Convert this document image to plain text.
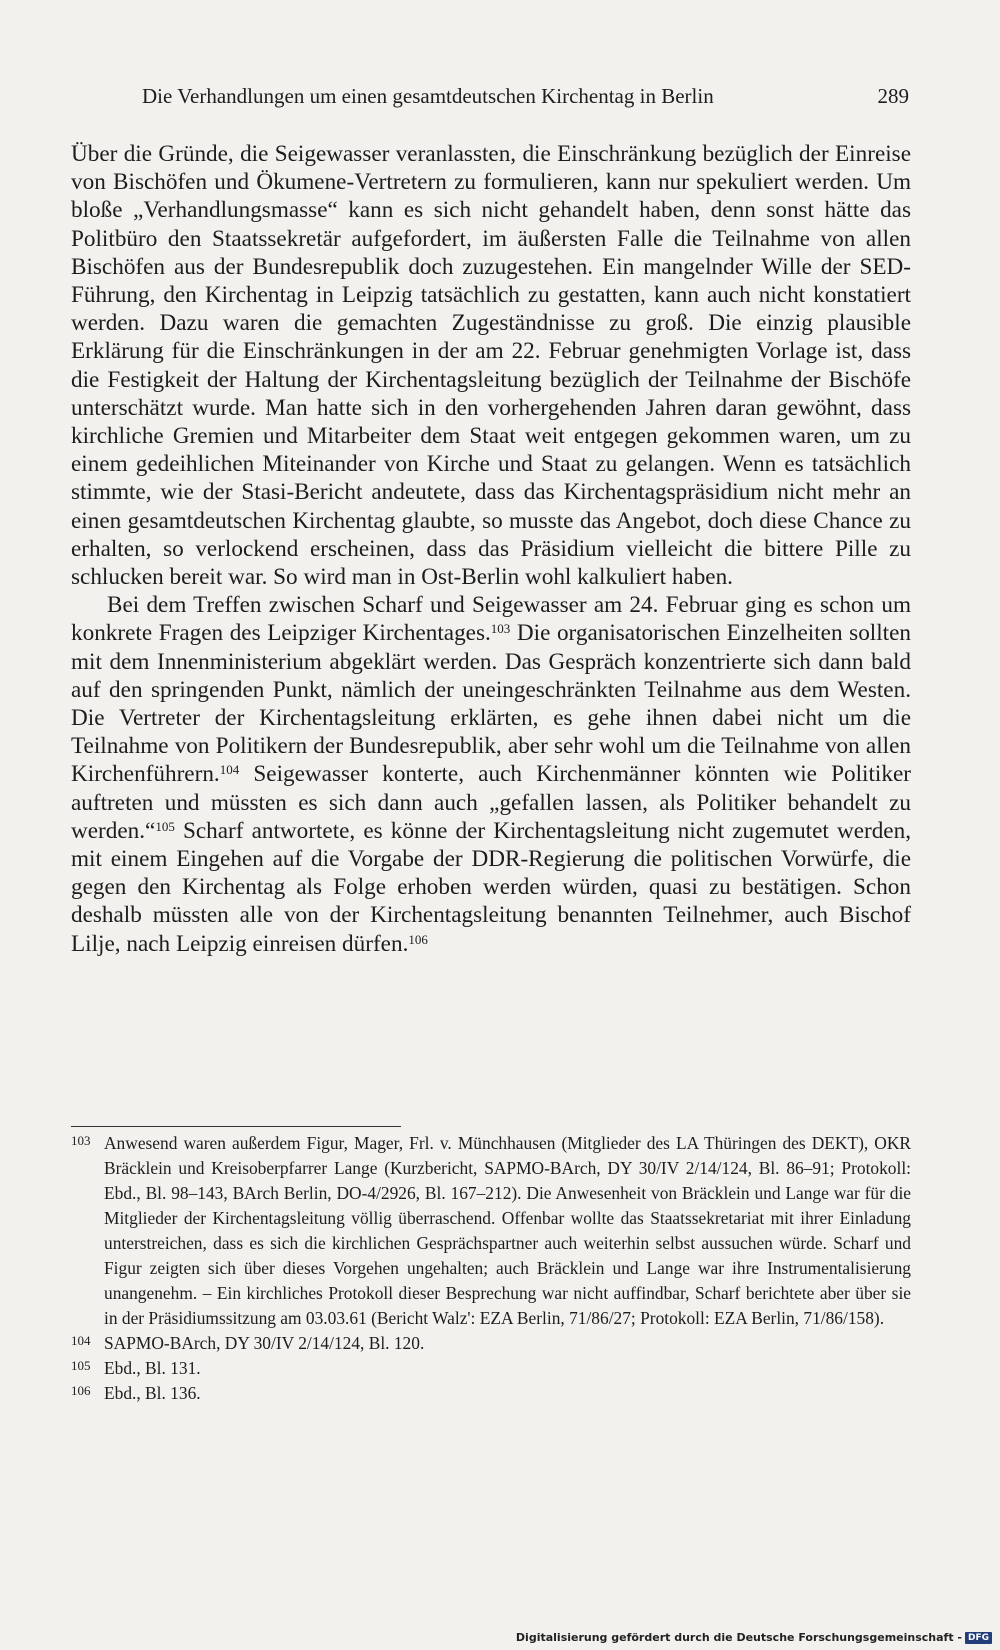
Die Verhandlungen um einen gesamtdeutschen Kirchentag in Berlin	289

Über die Gründe, die Seigewasser veranlassten, die Einschränkung bezüglich der Einreise von Bischöfen und Ökumene-Vertretern zu formulieren, kann nur spekuliert werden. Um bloße „Verhandlungsmasse“ kann es sich nicht gehandelt haben, denn sonst hätte das Politbüro den Staatssekretär aufgefordert, im äußersten Falle die Teilnahme von allen Bischöfen aus der Bundesrepublik doch zuzugestehen. Ein mangelnder Wille der SED-Führung, den Kirchentag in Leipzig tatsächlich zu gestatten, kann auch nicht konstatiert werden. Dazu waren die gemachten Zugeständnisse zu groß. Die einzig plausible Erklärung für die Einschränkungen in der am 22. Februar genehmigten Vorlage ist, dass die Festigkeit der Haltung der Kirchentagsleitung bezüglich der Teilnahme der Bischöfe unterschätzt wurde. Man hatte sich in den vorhergehenden Jahren daran gewöhnt, dass kirchliche Gremien und Mitarbeiter dem Staat weit entgegen gekommen waren, um zu einem gedeihlichen Miteinander von Kirche und Staat zu gelangen. Wenn es tatsächlich stimmte, wie der Stasi-Bericht andeutete, dass das Kirchentagspräsidium nicht mehr an einen gesamtdeutschen Kirchentag glaubte, so musste das Angebot, doch diese Chance zu erhalten, so verlockend erscheinen, dass das Präsidium vielleicht die bittere Pille zu schlucken bereit war. So wird man in Ost-Berlin wohl kalkuliert haben.

Bei dem Treffen zwischen Scharf und Seigewasser am 24. Februar ging es schon um konkrete Fragen des Leipziger Kirchentages.$^{103}$ Die organisatorischen Einzelheiten sollten mit dem Innenministerium abgeklärt werden. Das Gespräch konzentrierte sich dann bald auf den springenden Punkt, nämlich der uneingeschränkten Teilnahme aus dem Westen. Die Vertreter der Kirchentagsleitung erklärten, es gehe ihnen dabei nicht um die Teilnahme von Politikern der Bundesrepublik, aber sehr wohl um die Teilnahme von allen Kirchenführern.$^{104}$ Seigewasser konterte, auch Kirchenmänner könnten wie Politiker auftreten und müssten es sich dann auch „gefallen lassen, als Politiker behandelt zu werden.“$^{105}$ Scharf antwortete, es könne der Kirchentagsleitung nicht zugemutet werden, mit einem Eingehen auf die Vorgabe der DDR-Regierung die politischen Vorwürfe, die gegen den Kirchentag als Folge erhoben werden würden, quasi zu bestätigen. Schon deshalb müssten alle von der Kirchentagsleitung benannten Teilnehmer, auch Bischof Lilje, nach Leipzig einreisen dürfen.$^{106}$

103 Anwesend waren außerdem Figur, Mager, Frl. v. Münchhausen (Mitglieder des LA Thüringen des DEKT), OKR Bräcklein und Kreisoberpfarrer Lange (Kurzbericht, SAPMO-BArch, DY 30/IV 2/14/124, Bl. 86–91; Protokoll: Ebd., Bl. 98–143, BArch Berlin, DO-4/2926, Bl. 167–212). Die Anwesenheit von Bräcklein und Lange war für die Mitglieder der Kirchentagsleitung völlig überraschend. Offenbar wollte das Staatssekretariat mit ihrer Einladung unterstreichen, dass es sich die kirchlichen Gesprächspartner auch weiterhin selbst aussuchen würde. Scharf und Figur zeigten sich über dieses Vorgehen ungehalten; auch Bräcklein und Lange war ihre Instrumentalisierung unangenehm. – Ein kirchliches Protokoll dieser Besprechung war nicht auffindbar, Scharf berichtete aber über sie in der Präsidiumssitzung am 03.03.61 (Bericht Walz': EZA Berlin, 71/86/27; Protokoll: EZA Berlin, 71/86/158).
104 SAPMO-BArch, DY 30/IV 2/14/124, Bl. 120.
105 Ebd., Bl. 131.
106 Ebd., Bl. 136.
Digitalisierung gefördert durch die Deutsche Forschungsgemeinschaft - DFG
